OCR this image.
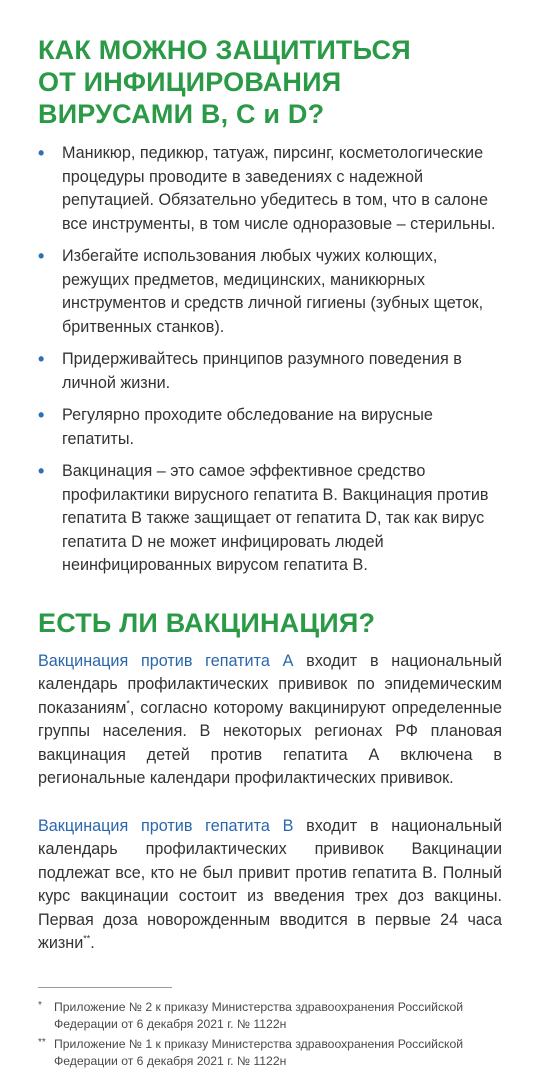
КАК МОЖНО ЗАЩИТИТЬСЯ
ОТ ИНФИЦИРОВАНИЯ
ВИРУСАМИ B, C и D?
• Маникюр, педикюр, татуаж, пирсинг, косметологические процедуры проводите в заведениях с надежной репутацией. Обязательно убедитесь в том, что в салоне все инструменты, в том числе одноразовые – стерильны.
• Избегайте использования любых чужих колющих, режущих предметов, медицинских, маникюрных инструментов и средств личной гигиены (зубных щеток, бритвенных станков).
• Придерживайтесь принципов разумного поведения в личной жизни.
• Регулярно проходите обследование на вирусные гепатиты.
• Вакцинация – это самое эффективное средство профилактики вирусного гепатита B. Вакцинация против гепатита B также защищает от гепатита D, так как вирус гепатита D не может инфицировать людей неинфицированных вирусом гепатита B.
ЕСТЬ ЛИ ВАКЦИНАЦИЯ?

Вакцинация против гепатита А входит в национальный календарь профилактических прививок по эпидемическим показаниям*, согласно которому вакцинируют определенные группы населения. В некоторых регионах РФ плановая вакцинация детей против гепатита А включена в региональные календари профилактических прививок.

Вакцинация против гепатита В входит в национальный календарь профилактических прививок Вакцинации подлежат все, кто не был привит против гепатита В. Полный курс вакцинации состоит из введения трех доз вакцины. Первая доза новорожденным вводится в первые 24 часа жизни**.

* Приложение № 2 к приказу Министерства здравоохранения Российской Федерации от 6 декабря 2021 г. № 1122н
** Приложение № 1 к приказу Министерства здравоохранения Российской Федерации от 6 декабря 2021 г. № 1122н
